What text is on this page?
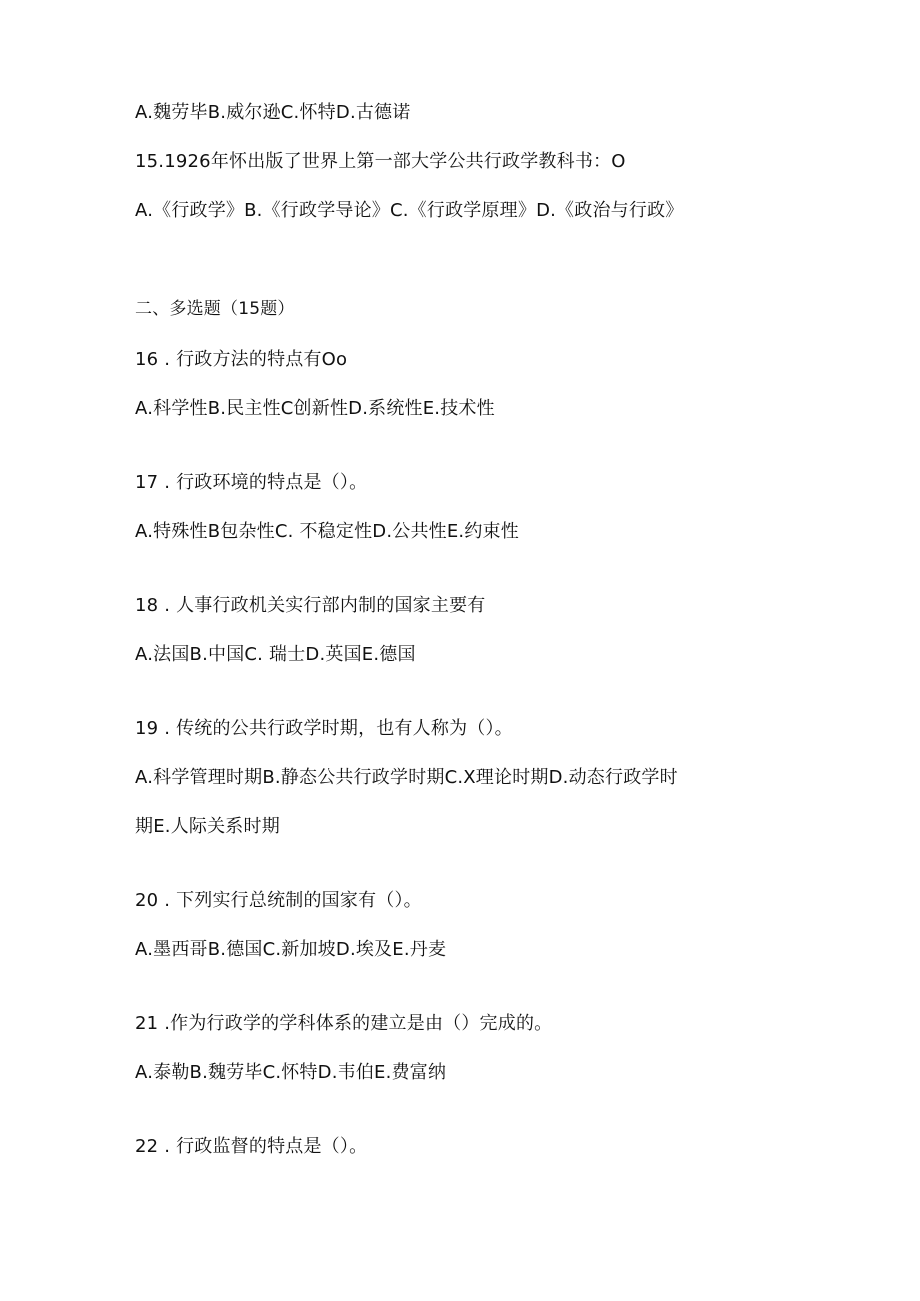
A.魏劳毕B.威尔逊C.怀特D.古德诺
15.1926年怀出版了世界上第一部大学公共行政学教科书：O
A.《行政学》B.《行政学导论》C.《行政学原理》D.《政治与行政》
二、多选题（15题）
16 . 行政方法的特点有Oo
A.科学性B.民主性C创新性D.系统性E.技术性
17 . 行政环境的特点是（）。
A.特殊性B包杂性C. 不稳定性D.公共性E.约束性
18 . 人事行政机关实行部内制的国家主要有
A.法国B.中国C. 瑞士D.英国E.德国
19 . 传统的公共行政学时期，也有人称为（）。
A.科学管理时期B.静态公共行政学时期C.X理论时期D.动态行政学时
期E.人际关系时期
20 . 下列实行总统制的国家有（）。
A.墨西哥B.德国C.新加坡D.埃及E.丹麦
21 .作为行政学的学科体系的建立是由（）完成的。
A.泰勒B.魏劳毕C.怀特D.韦伯E.费富纳
22 . 行政监督的特点是（）。
